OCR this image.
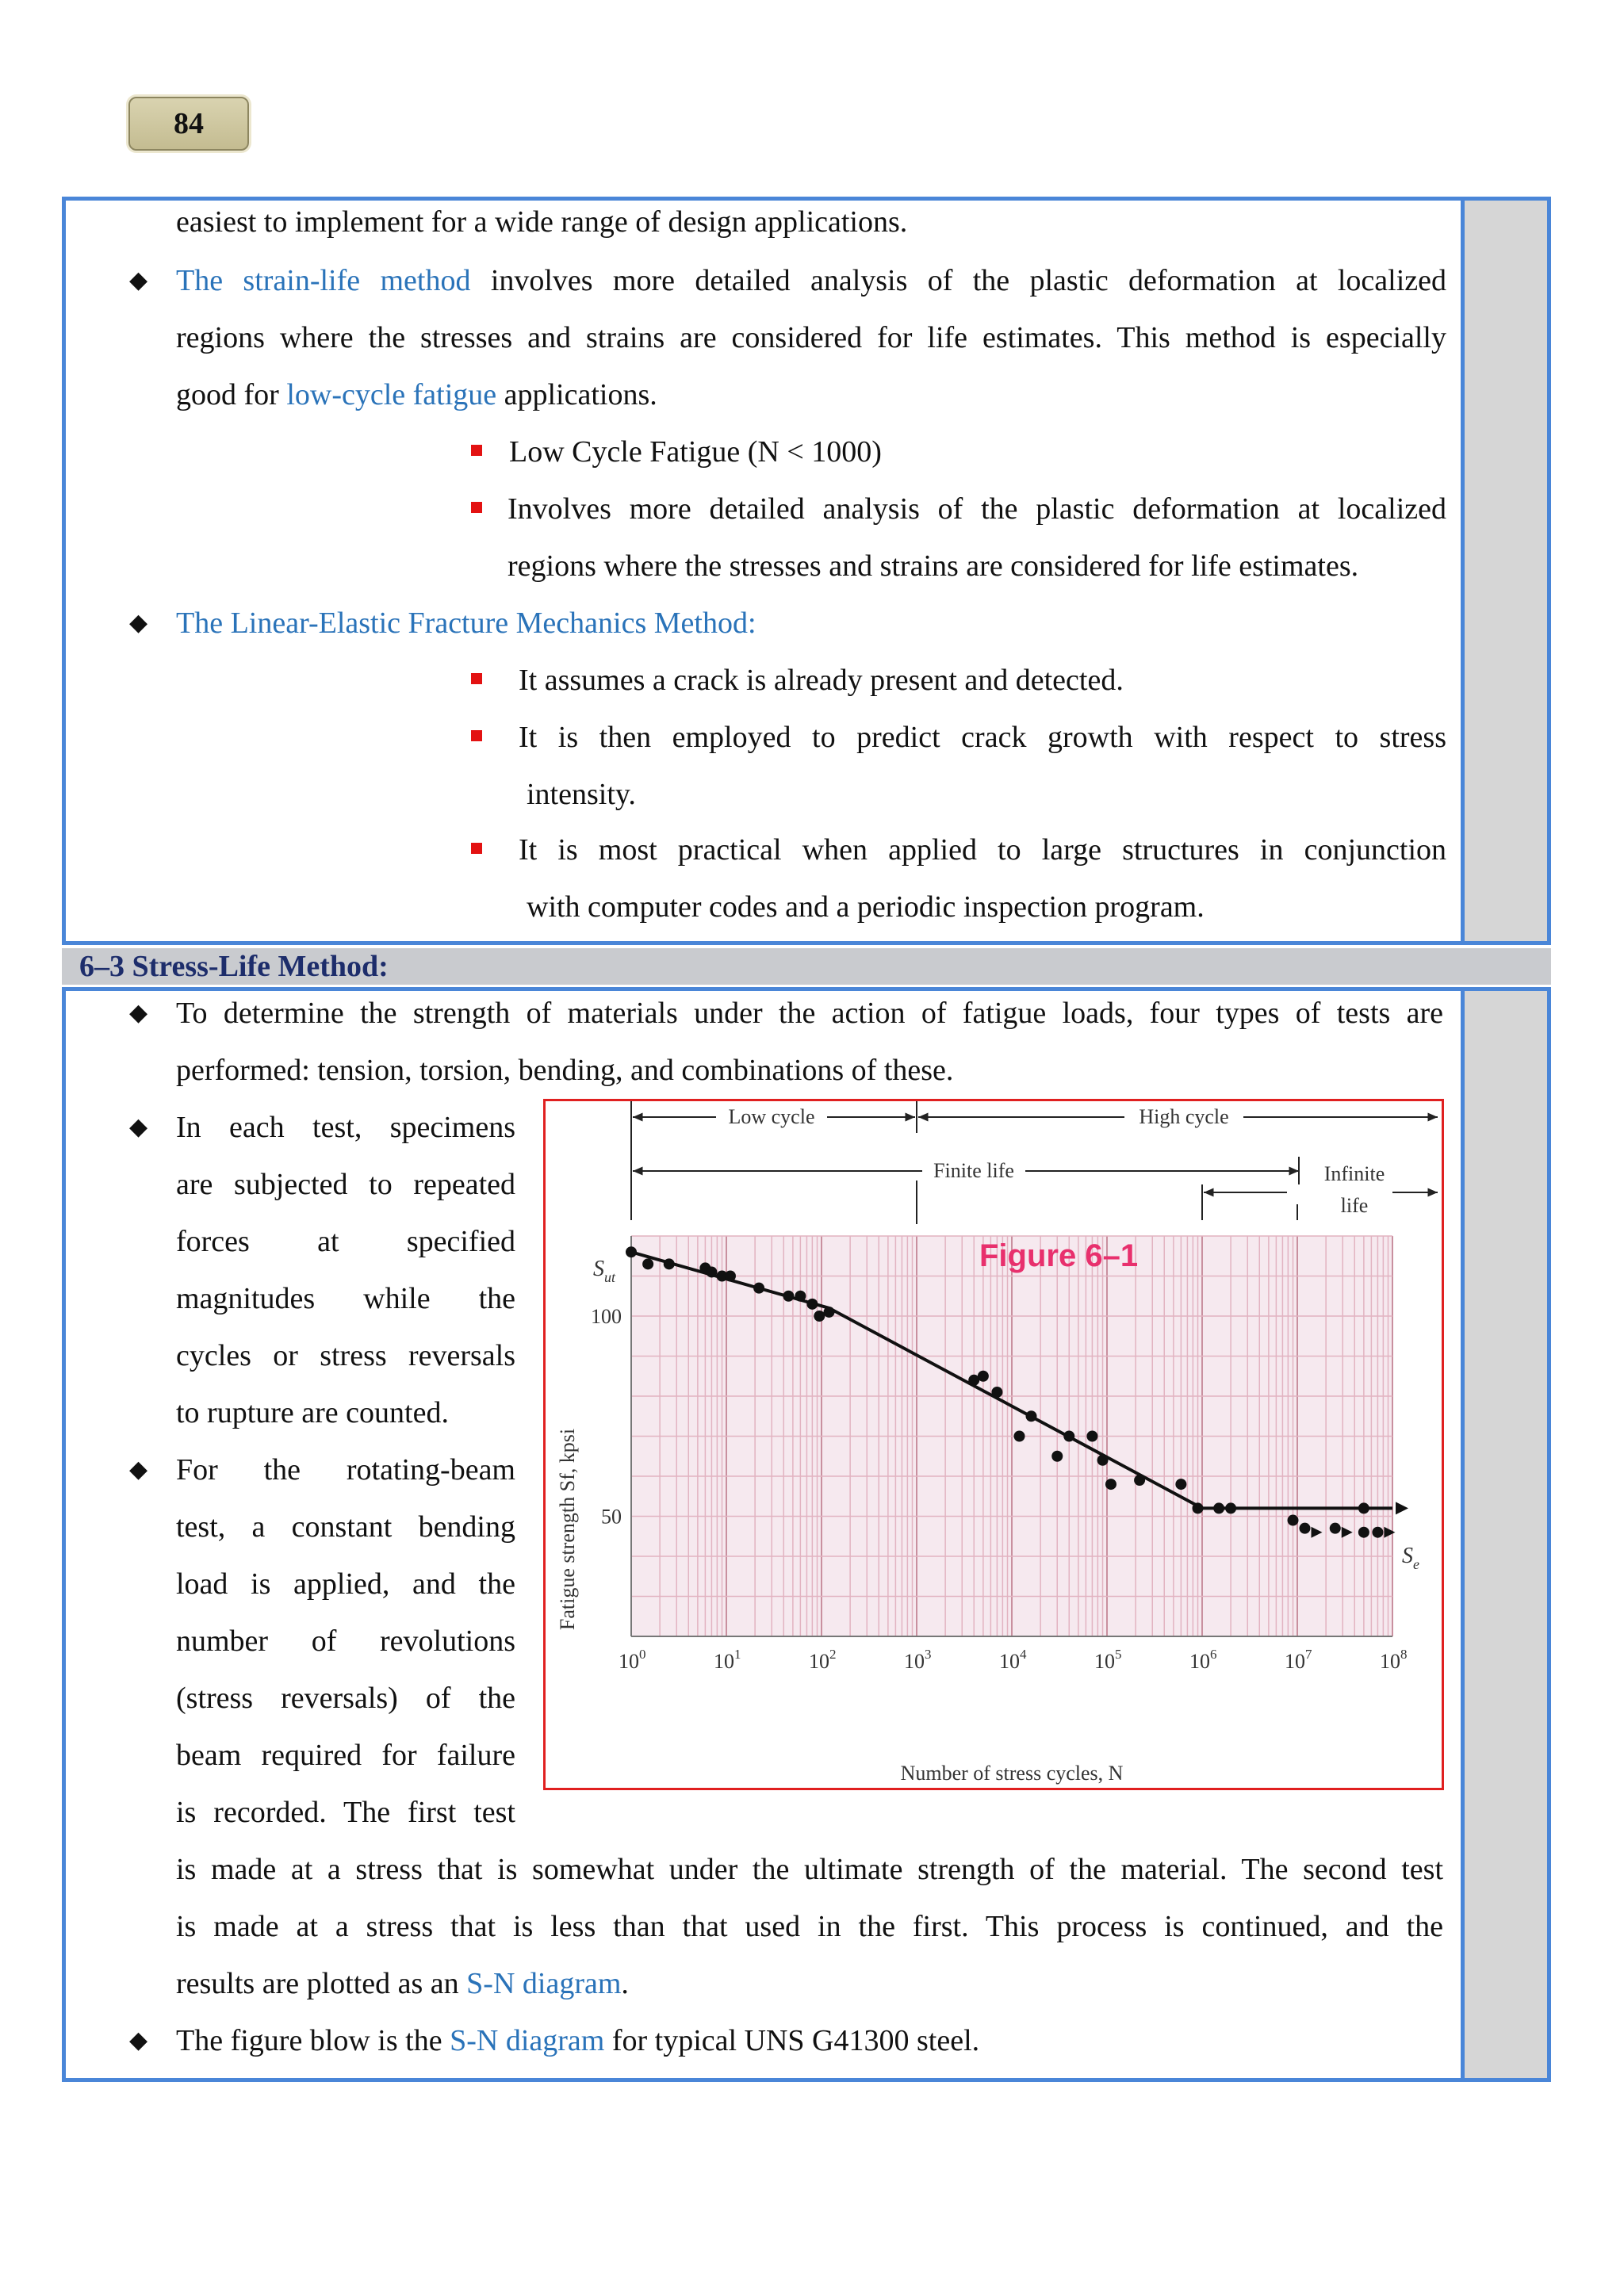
84
easiest to implement for a wide range of design applications.
◆ The strain-life method involves more detailed analysis of the plastic deformation at localized
regions where the stresses and strains are considered for life estimates. This method is especially
good for low-cycle fatigue applications.
Low Cycle Fatigue (N < 1000)
Involves more detailed analysis of the plastic deformation at localized
regions where the stresses and strains are considered for life estimates.
◆ The Linear-Elastic Fracture Mechanics Method:
It assumes a crack is already present and detected.
It is then employed to predict crack growth with respect to stress
intensity.
It is most practical when applied to large structures in conjunction
with computer codes and a periodic inspection program.
6–3 Stress-Life Method:
◆ To determine the strength of materials under the action of fatigue loads, four types of tests are
performed: tension, torsion, bending, and combinations of these.
◆ In each test, specimens
are subjected to repeated
forces at specified
magnitudes while the
cycles or stress reversals
to rupture are counted.
◆ For the rotating-beam
test, a constant bending
load is applied, and the
number of revolutions
(stress reversals) of the
beam required for failure
is recorded. The first test
is made at a stress that is somewhat under the ultimate strength of the material. The second test
is made at a stress that is less than that used in the first. This process is continued, and the
results are plotted as an S-N diagram.
◆ The figure blow is the S-N diagram for typical UNS G41300 steel.
Low cycle	High cycle
Finite life	Infinite
life
$10^0$	$10^1$	$10^2$	$10^3$	$10^4$	$10^5$	$10^6$	$10^7$	$10^8$
50
100
Figure 6–1
Fatigue strength Sf, kpsi
Number of stress cycles, N
$S_{ut}$
$S_e$
